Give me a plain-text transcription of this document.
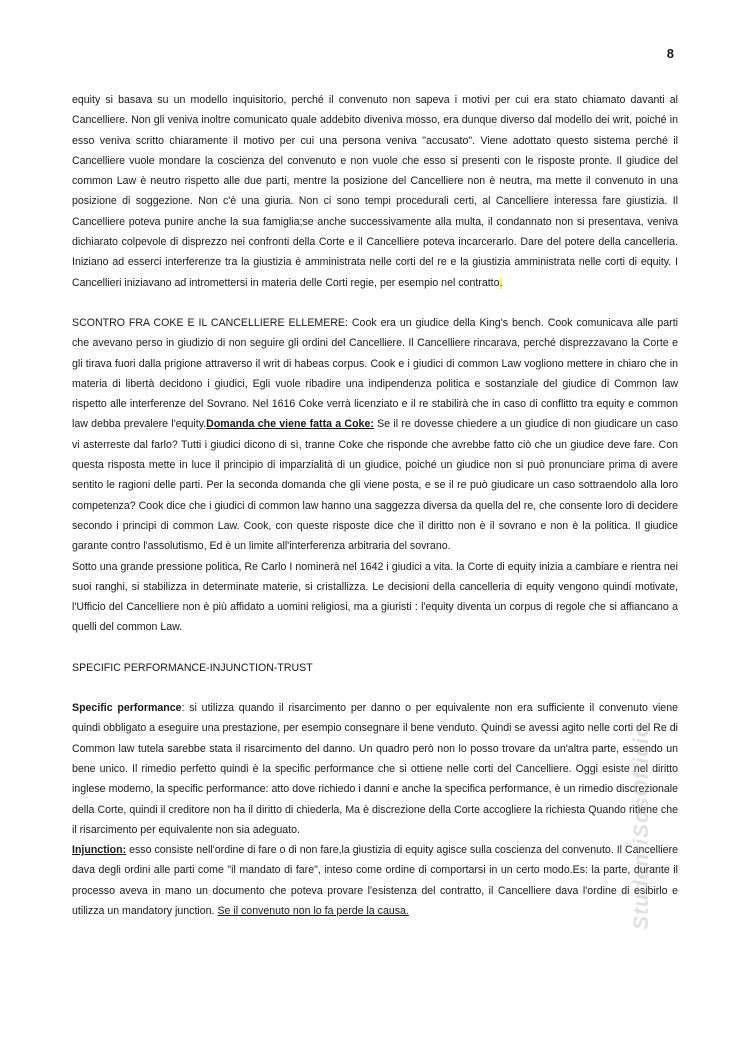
8

equity si basava su un modello inquisitorio, perché il convenuto non sapeva i motivi per cui era stato chiamato davanti al Cancelliere. Non gli veniva inoltre comunicato quale addebito diveniva mosso, era dunque diverso dal modello dei writ, poiché in esso veniva scritto chiaramente il motivo per cui una persona veniva "accusato". Viene adottato questo sistema perché il Cancelliere vuole mondare la coscienza del convenuto e non vuole che esso si presenti con le risposte pronte. Il giudice del common Law è neutro rispetto alle due parti, mentre la posizione del Cancelliere non è neutra, ma mette il convenuto in una posizione di soggezione. Non c'è una giuria. Non ci sono tempi procedurali certi, al Cancelliere interessa fare giustizia. Il Cancelliere poteva punire anche la sua famiglia;se anche successivamente alla multa, il condannato non si presentava, veniva dichiarato colpevole di disprezzo nei confronti della Corte e il Cancelliere poteva incarcerarlo. Dare del potere della cancelleria. Iniziano ad esserci interferenze tra la giustizia è amministrata nelle corti del re e la giustizia amministrata nelle corti di equity. I Cancellieri iniziavano ad intromettersi in materia delle Corti regie, per esempio nel contratto.

SCONTRO FRA COKE E IL CANCELLIERE ELLEMERE: Cook era un giudice della King's bench. Cook comunicava alle parti che avevano perso in giudizio di non seguire gli ordini del Cancelliere. Il Cancelliere rincarava, perché disprezzavano la Corte e gli tirava fuori dalla prigione attraverso il writ di habeas corpus. Cook e i giudici di common Law vogliono mettere in chiaro che in materia di libertà decidono i giudici, Egli vuole ribadire una indipendenza politica e sostanziale del giudice di Common law rispetto alle interferenze del Sovrano. Nel 1616 Coke verrà licenziato e il re stabilirà che in caso di conflitto tra equity e common law debba prevalere l'equity.Domanda che viene fatta a Coke: Se il re dovesse chiedere a un giudice di non giudicare un caso vi asterreste dal farlo? Tutti i giudici dicono di sì, tranne Coke che risponde che avrebbe fatto ciò che un giudice deve fare. Con questa risposta mette in luce il principio di imparzialità di un giudice, poiché un giudice non si può pronunciare prima di avere sentito le ragioni delle parti. Per la seconda domanda che gli viene posta, e se il re può giudicare un caso sottraendolo alla loro competenza? Cook dice che i giudici di common law hanno una saggezza diversa da quella del re, che consente loro di decidere secondo i principi di common Law. Cook, con queste risposte dice che il diritto non è il sovrano e non è la politica. Il giudice garante contro l'assolutismo, Ed è un limite all'interferenza arbitraria del sovrano.

Sotto una grande pressione politica, Re Carlo I nominerà nel 1642 i giudici a vita. la Corte di equity inizia a cambiare e rientra nei suoi ranghi, si stabilizza in determinate materie, si cristallizza. Le decisioni della cancelleria di equity vengono quindi motivate, l'Ufficio del Cancelliere non è più affidato a uomini religiosi, ma a giuristi : l'equity diventa un corpus di regole che si affiancano a quelli del common Law.

SPECIFIC PERFORMANCE-INJUNCTION-TRUST

Specific performance: si utilizza quando il risarcimento per danno o per equivalente non era sufficiente il convenuto viene quindi obbligato a eseguire una prestazione, per esempio consegnare il bene venduto. Quindi se avessi agito nelle corti del Re di Common law tutela sarebbe stata il risarcimento del danno. Un quadro però non lo posso trovare da un'altra parte, essendo un bene unico. Il rimedio perfetto quindi è la specific performance che si ottiene nelle corti del Cancelliere. Oggi esiste nel diritto inglese moderno, la specific performance: atto dove richiedo i danni e anche la specifica performance, è un rimedio discrezionale della Corte, quindi il creditore non ha il diritto di chiederla, Ma è discrezione della Corte accogliere la richiesta Quando ritiene che il risarcimento per equivalente non sia adeguato.
Injunction: esso consiste nell'ordine di fare o di non fare,la giustizia di equity agisce sulla coscienza del convenuto. Il Cancelliere dava degli ordini alle parti come "il mandato di fare", inteso come ordine di comportarsi in un certo modo.Es: la parte, durante il processo aveva in mano un documento che poteva provare l'esistenza del contratto, il Cancelliere dava l'ordine di esibirlo e utilizza un mandatory junction. Se il convenuto non lo fa perde la causa.	StudentiSosOfficio
